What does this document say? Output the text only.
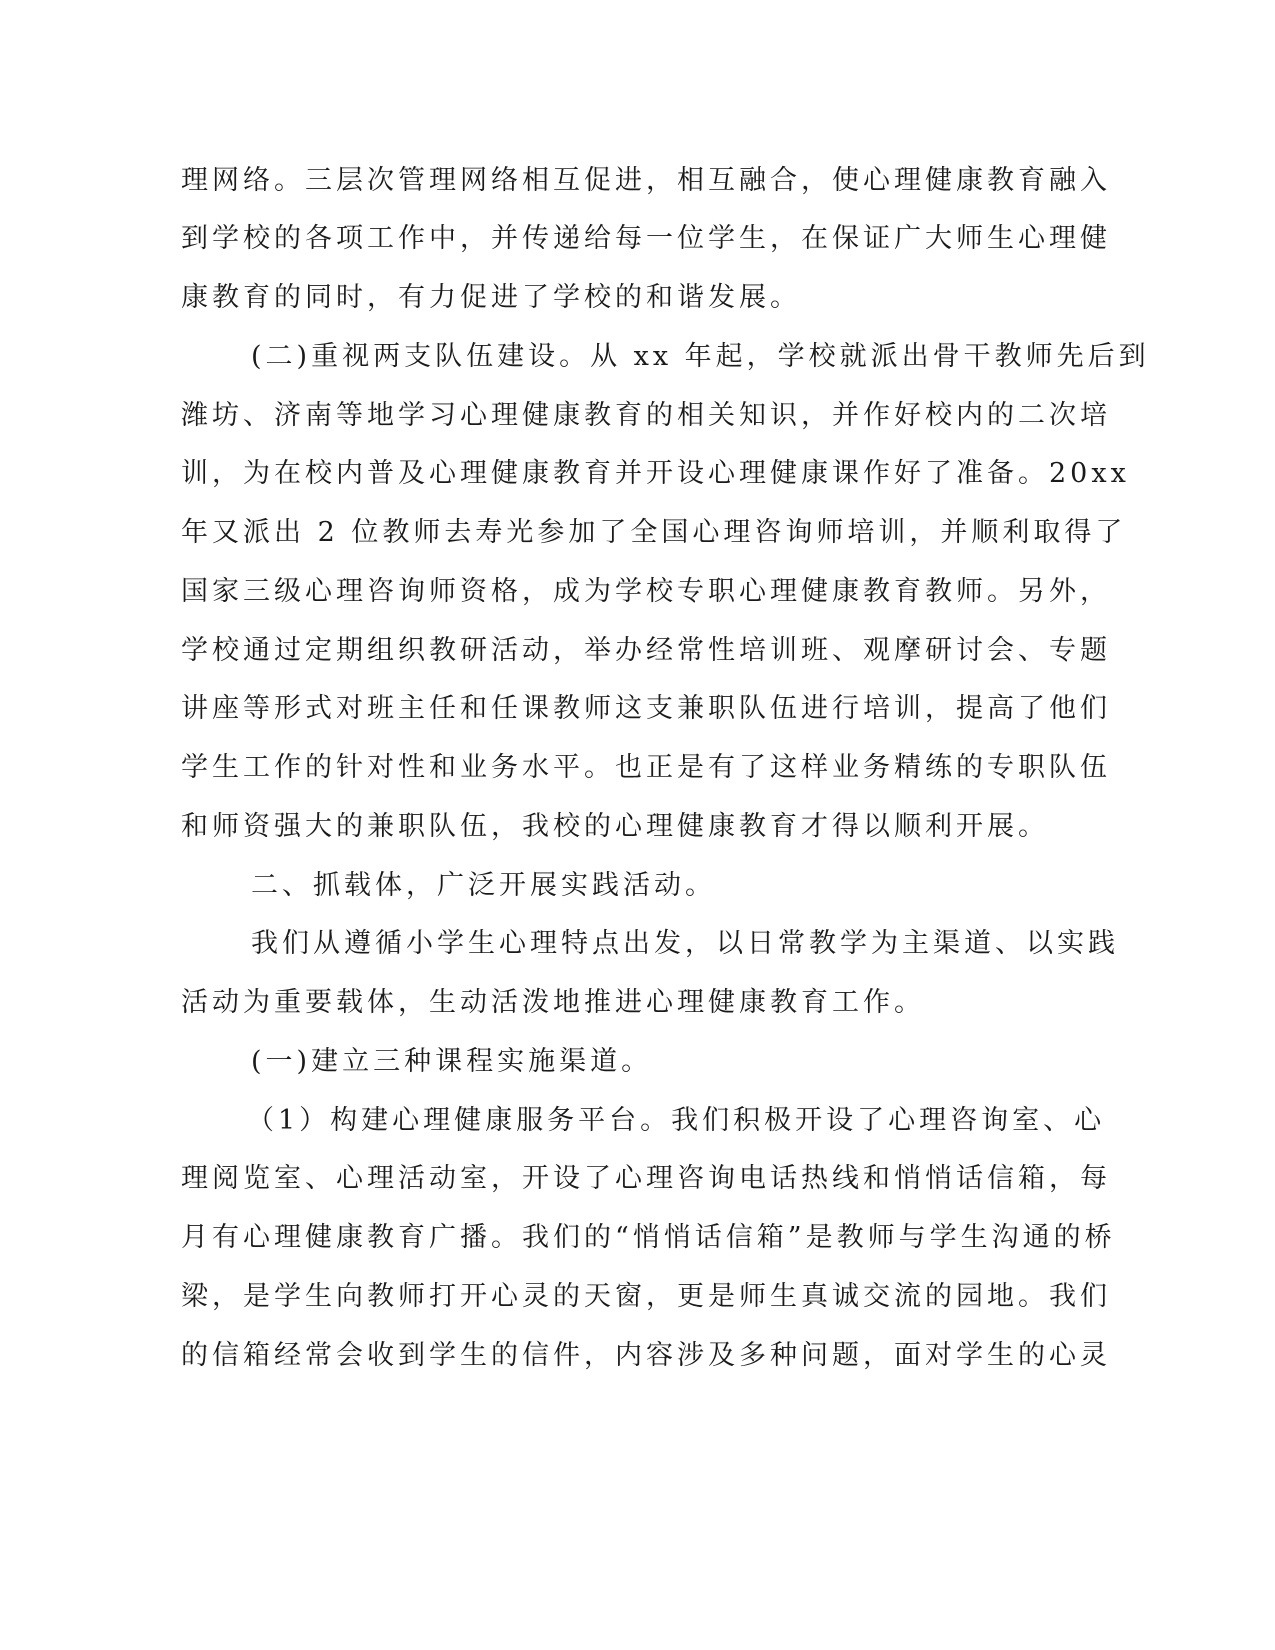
理网络。三层次管理网络相互促进，相互融合，使心理健康教育融入

到学校的各项工作中，并传递给每一位学生，在保证广大师生心理健

康教育的同时，有力促进了学校的和谐发展。

(二)重视两支队伍建设。从 xx 年起，学校就派出骨干教师先后到

潍坊、济南等地学习心理健康教育的相关知识，并作好校内的二次培

训，为在校内普及心理健康教育并开设心理健康课作好了准备。20xx

年又派出 2 位教师去寿光参加了全国心理咨询师培训，并顺利取得了

国家三级心理咨询师资格，成为学校专职心理健康教育教师。另外，

学校通过定期组织教研活动，举办经常性培训班、观摩研讨会、专题

讲座等形式对班主任和任课教师这支兼职队伍进行培训，提高了他们

学生工作的针对性和业务水平。也正是有了这样业务精练的专职队伍

和师资强大的兼职队伍，我校的心理健康教育才得以顺利开展。

二、抓载体，广泛开展实践活动。

我们从遵循小学生心理特点出发，以日常教学为主渠道、以实践

活动为重要载体，生动活泼地推进心理健康教育工作。

(一)建立三种课程实施渠道。

（1）构建心理健康服务平台。我们积极开设了心理咨询室、心

理阅览室、心理活动室，开设了心理咨询电话热线和悄悄话信箱，每

月有心理健康教育广播。我们的“悄悄话信箱”是教师与学生沟通的桥

梁，是学生向教师打开心灵的天窗，更是师生真诚交流的园地。我们

的信箱经常会收到学生的信件，内容涉及多种问题，面对学生的心灵
